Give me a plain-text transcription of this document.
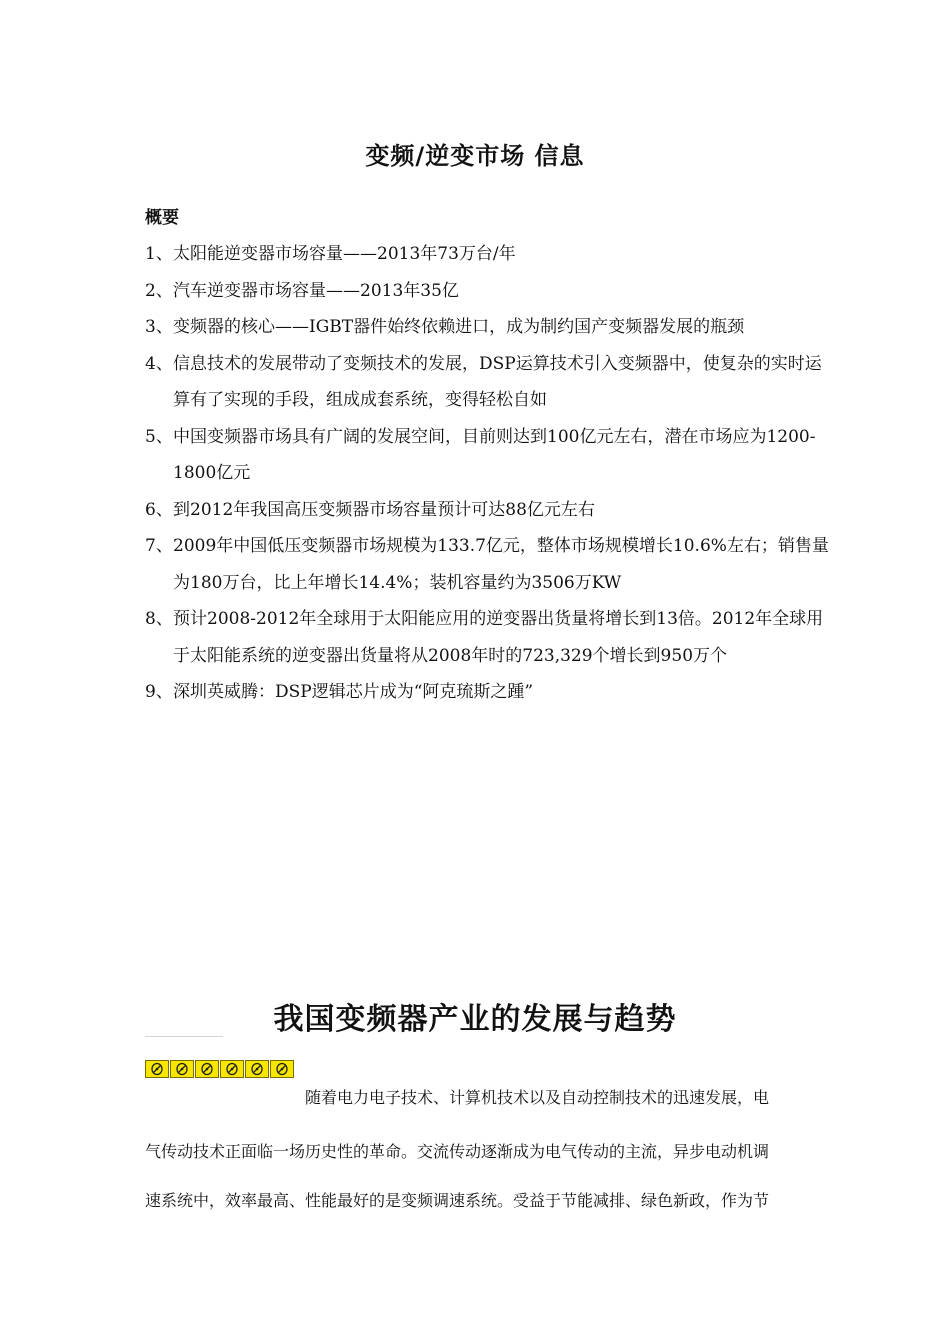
变频/逆变市场 信息
概要
1、 太阳能逆变器市场容量——2013年73万台/年
2、 汽车逆变器市场容量——2013年35亿
3、 变频器的核心——IGBT器件始终依赖进口，成为制约国产变频器发展的瓶颈
4、 信息技术的发展带动了变频技术的发展，DSP运算技术引入变频器中，使复杂的实时运算有了实现的手段，组成成套系统，变得轻松自如
5、 中国变频器市场具有广阔的发展空间，目前则达到100亿元左右，潜在市场应为1200-1800亿元
6、 到2012年我国高压变频器市场容量预计可达88亿元左右
7、 2009年中国低压变频器市场规模为133.7亿元，整体市场规模增长10.6%左右；销售量为180万台，比上年增长14.4%；装机容量约为3506万KW
8、 预计2008-2012年全球用于太阳能应用的逆变器出货量将增长到13倍。2012年全球用于太阳能系统的逆变器出货量将从2008年时的723,329个增长到950万个
9、 深圳英威腾：DSP逻辑芯片成为“阿克琉斯之踵”
我国变频器产业的发展与趋势
随着电力电子技术、计算机技术以及自动控制技术的迅速发展，电
气传动技术正面临一场历史性的革命。交流传动逐渐成为电气传动的主流，异步电动机调
速系统中，效率最高、性能最好的是变频调速系统。受益于节能减排、绿色新政，作为节
